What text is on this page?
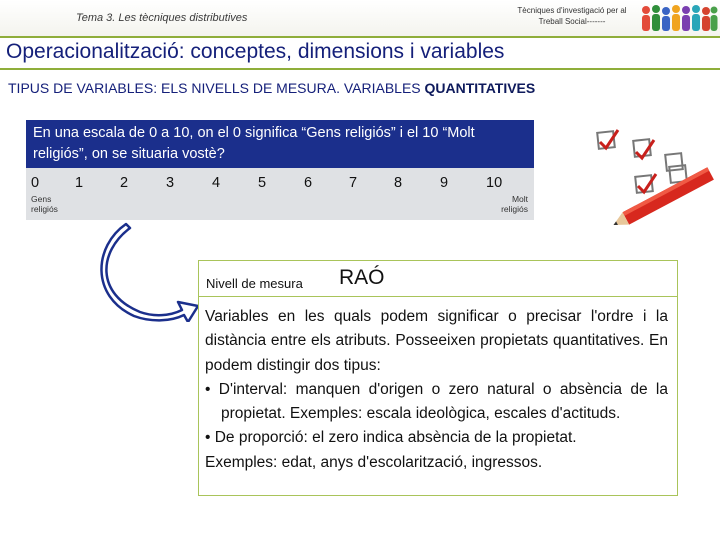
Tema 3. Les tècniques distributives
Tècniques d'investigació per al Treball Social-------
Operacionalització: conceptes, dimensions i variables
TIPUS DE VARIABLES: ELS NIVELLS DE MESURA. VARIABLES QUANTITATIVES
En una escala de 0 a 10, on el 0 significa “Gens religiós” i el 10 “Molt religiós”, on se situaria vostè?
0 1	2	3	4	5	6	7	8	9	10
Gens
religiós
Molt
religiós
Nivell de mesura RAÓ

Variables en les quals podem significar o precisar l'ordre i la distància entre els atributs. Posseeixen propietats quantitatives. En podem distingir dos tipus:

• D'interval: manquen d'origen o zero natural o absència de la propietat. Exemples: escala ideològica, escales d'actituds.

• De proporció: el zero indica absència de la propietat.

Exemples: edat, anys d'escolarització, ingressos.
